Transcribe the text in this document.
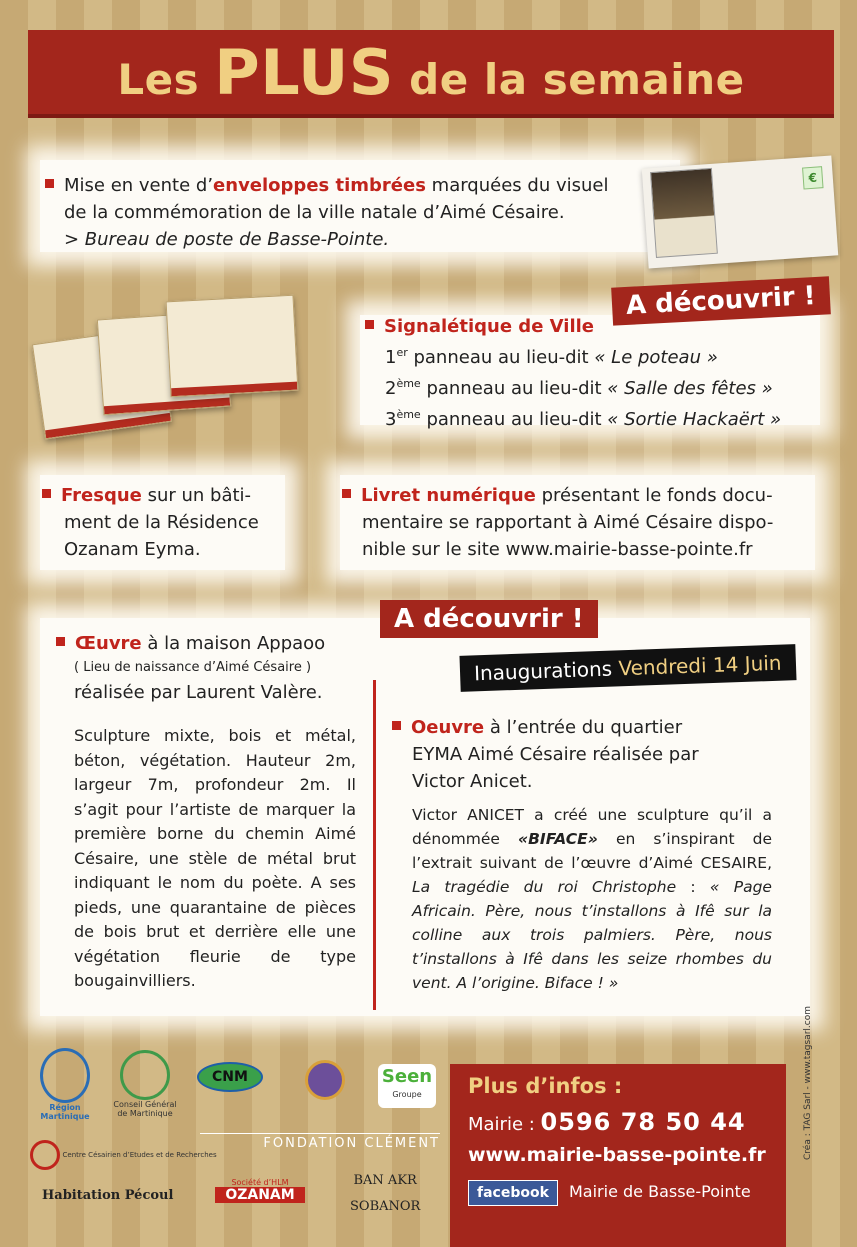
Les PLUS de la semaine
Mise en vente d’enveloppes timbrées marquées du visuel
de la commémoration de la ville natale d’Aimé Césaire.
> Bureau de poste de Basse-Pointe.
€
A découvrir !
Signalétique de Ville
1er panneau au lieu-dit « Le poteau »
2ème panneau au lieu-dit « Salle des fêtes »
3ème panneau au lieu-dit « Sortie Hackaërt »
Fresque sur un bâti-
ment de la Résidence
Ozanam Eyma.
Livret numérique présentant le fonds docu-
mentaire se rapportant à Aimé Césaire dispo-
nible sur le site www.mairie-basse-pointe.fr
A découvrir !
Inaugurations Vendredi 14 Juin
Œuvre à la maison Appaoo
( Lieu de naissance d’Aimé Césaire )
réalisée par Laurent Valère.
Sculpture mixte, bois et métal, béton, végétation. Hauteur 2m, largeur 7m, profondeur 2m. Il s’agit pour l’artiste de marquer la première borne du chemin Aimé Césaire, une stèle de métal brut indiquant le nom du poète. A ses pieds, une quarantaine de pièces de bois brut et derrière elle une végétation fleurie de type bougainvilliers.
Oeuvre à l’entrée du quartier
EYMA Aimé Césaire réalisée par
Victor Anicet.
Victor ANICET a créé une sculpture qu’il a dénommée «BIFACE» en s’inspirant de l’extrait suivant de l’œuvre d’Aimé CESAIRE, La tragédie du roi Christophe : « Page Africain. Père, nous t’installons à Ifê sur la colline aux trois palmiers. Père, nous t’installons à Ifê dans les seize rhombes du vent. A l’origine. Biface ! »
Région Martinique
Conseil Général de Martinique
CNM	Seen
Groupe
FONDATION CLÉMENT
Centre Césairien d’Etudes et de Recherches
Habitation Pécoul
Société d’HLM
OZANAM
BAN AKR
SOBANOR
Plus d’infos :
Mairie : 0596 78 50 44
www.mairie-basse-pointe.fr
facebook Mairie de Basse-Pointe
Créa : TAG Sarl - www.tagsarl.com
